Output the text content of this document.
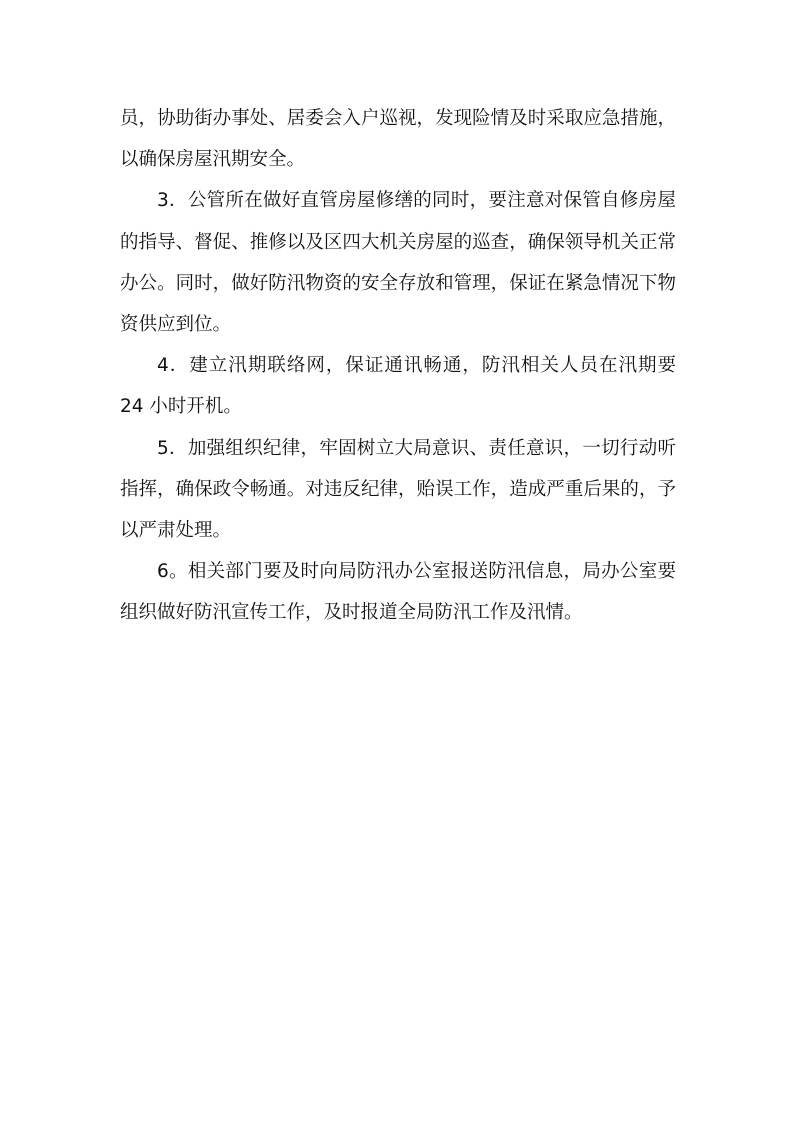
员，协助街办事处、居委会入户巡视，发现险情及时采取应急措施，以确保房屋汛期安全。

3．公管所在做好直管房屋修缮的同时，要注意对保管自修房屋的指导、督促、推修以及区四大机关房屋的巡查，确保领导机关正常办公。同时，做好防汛物资的安全存放和管理，保证在紧急情况下物资供应到位。

4．建立汛期联络网，保证通讯畅通，防汛相关人员在汛期要 24 小时开机。

5．加强组织纪律，牢固树立大局意识、责任意识，一切行动听指挥，确保政令畅通。对违反纪律，贻误工作，造成严重后果的，予以严肃处理。

6。相关部门要及时向局防汛办公室报送防汛信息，局办公室要组织做好防汛宣传工作，及时报道全局防汛工作及汛情。
